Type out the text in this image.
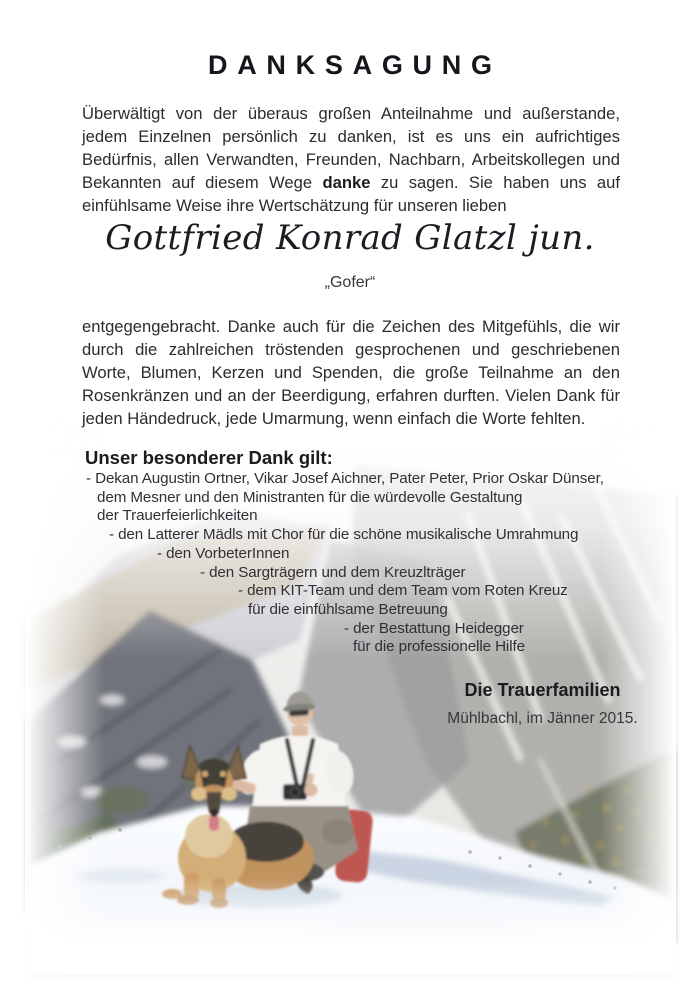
DANKSAGUNG

Überwältigt von der überaus großen Anteilnahme und außerstande, jedem Einzelnen persönlich zu danken, ist es uns ein aufrichtiges Bedürfnis, allen Verwandten, Freunden, Nachbarn, Arbeitskollegen und Bekannten auf diesem Wege danke zu sagen. Sie haben uns auf einfühlsame Weise ihre Wertschätzung für unseren lieben

Gottfried Konrad Glatzl jun.
„Gofer“

entgegengebracht. Danke auch für die Zeichen des Mitgefühls, die wir durch die zahlreichen tröstenden gesprochenen und geschriebenen Worte, Blumen, Kerzen und Spenden, die große Teilnahme an den Rosenkränzen und an der Beerdigung, erfahren durften. Vielen Dank für jeden Händedruck, jede Umarmung, wenn einfach die Worte fehlten.

Unser besonderer Dank gilt:
- Dekan Augustin Ortner, Vikar Josef Aichner, Pater Peter, Prior Oskar Dünser,
dem Mesner und den Ministranten für die würdevolle Gestaltung
der Trauerfeierlichkeiten
- den Latterer Mädls mit Chor für die schöne musikalische Umrahmung
- den VorbeterInnen
- den Sargträgern und dem Kreuzlträger
- dem KIT-Team und dem Team vom Roten Kreuz
für die einfühlsame Betreuung
- der Bestattung Heidegger
für die professionelle Hilfe
Die Trauerfamilien
Mühlbachl, im Jänner 2015.
